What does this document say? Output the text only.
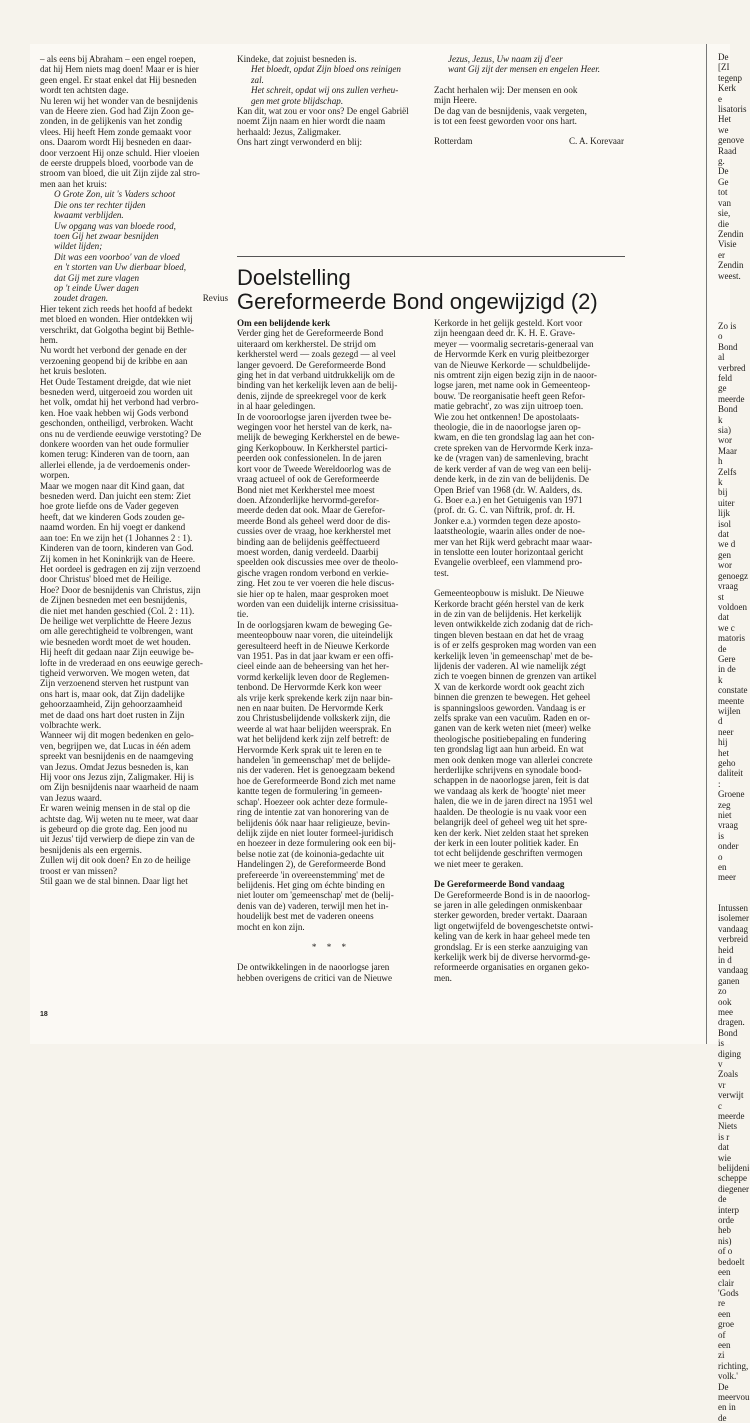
– als eens bij Abraham – een engel roepen,
dat hij Hem niets mag doen! Maar er is hier
geen engel. Er staat enkel dat Hij besneden
wordt ten achtsten dage.
Nu leren wij het wonder van de besnijdenis
van de Heere zien. God had Zijn Zoon ge-
zonden, in de gelijkenis van het zondig
vlees. Hij heeft Hem zonde gemaakt voor
ons. Daarom wordt Hij besneden en daar-
door verzoent Hij onze schuld. Hier vloeien
de eerste druppels bloed, voorbode van de
stroom van bloed, die uit Zijn zijde zal stro-
men aan het kruis:
O Grote Zon, uit 's Vaders schoot
Die ons ter rechter tijden
kwaamt verblijden.
Uw opgang was van bloede rood,
toen Gij het zwaar besnijden
wildet lijden;
Dit was een voorboo' van de vloed
en 't storten van Uw dierbaar bloed,
dat Gij met zure vlagen
op 't einde Uwer dagen
zoudet dragen.	Revius
Hier tekent zich reeds het hoofd af bedekt
met bloed en wonden. Hier ontdekken wij
verschrikt, dat Golgotha begint bij Bethle-
hem.
Nu wordt het verbond der genade en der
verzoening geopend bij de kribbe en aan
het kruis besloten.
Het Oude Testament dreigde, dat wie niet
besneden werd, uitgeroeid zou worden uit
het volk, omdat hij het verbond had verbro-
ken. Hoe vaak hebben wij Gods verbond
geschonden, ontheiligd, verbroken. Wacht
ons nu de verdiende eeuwige verstoting? De
donkere woorden van het oude formulier
komen terug: Kinderen van de toorn, aan
allerlei ellende, ja de verdoemenis onder-
worpen.
Maar we mogen naar dit Kind gaan, dat
besneden werd. Dan juicht een stem: Ziet
hoe grote liefde ons de Vader gegeven
heeft, dat we kinderen Gods zouden ge-
naamd worden. En hij voegt er dankend
aan toe: En we zijn het (1 Johannes 2 : 1).
Kinderen van de toorn, kinderen van God.
Zij komen in het Koninkrijk van de Heere.
Het oordeel is gedragen en zij zijn verzoend
door Christus' bloed met de Heilige.
Hoe? Door de besnijdenis van Christus, zijn
de Zijnen besneden met een besnijdenis,
die niet met handen geschied (Col. 2 : 11).
De heilige wet verplichtte de Heere Jezus
om alle gerechtigheid te volbrengen, want
wie besneden wordt moet de wet houden.
Hij heeft dit gedaan naar Zijn eeuwige be-
lofte in de vrederaad en ons eeuwige gerech-
tigheid verworven. We mogen weten, dat
Zijn verzoenend sterven het rustpunt van
ons hart is, maar ook, dat Zijn dadelijke
gehoorzaamheid, Zijn gehoorzaamheid
met de daad ons hart doet rusten in Zijn
volbrachte werk.
Wanneer wij dit mogen bedenken en gelo-
ven, begrijpen we, dat Lucas in één adem
spreekt van besnijdenis en de naamgeving
van Jezus. Omdat Jezus besneden is, kan
Hij voor ons Jezus zijn, Zaligmaker. Hij is
om Zijn besnijdenis naar waarheid de naam
van Jezus waard.
Er waren weinig mensen in de stal op die
achtste dag. Wij weten nu te meer, wat daar
is gebeurd op die grote dag. Een jood nu
uit Jezus' tijd verwierp de diepe zin van de
besnijdenis als een ergernis.
Zullen wij dit ook doen? En zo de heilige
troost er van missen?
Stil gaan we de stal binnen. Daar ligt het
Kindeke, dat zojuist besneden is.
Het bloedt, opdat Zijn bloed ons reinigen
zal.
Het schreit, opdat wij ons zullen verheu-
gen met grote blijdschap.
Kan dit, wat zou er voor ons? De engel Gabriël
noemt Zijn naam en hier wordt die naam
herhaald: Jezus, Zaligmaker.
Ons hart zingt verwonderd en blij:
Jezus, Jezus, Uw naam zij d'eer
want Gij zijt der mensen en engelen Heer.
Zacht herhalen wij: Der mensen en ook
mijn Heere.
De dag van de besnijdenis, vaak vergeten,
is tot een feest geworden voor ons hart.
Rotterdam	C. A. Korevaar
Doelstelling
Gereformeerde Bond ongewijzigd (2)
Om een belijdende kerk
Verder ging het de Gereformeerde Bond
uiteraard om kerkherstel. De strijd om
kerkherstel werd — zoals gezegd — al veel
langer gevoerd. De Gereformeerde Bond
ging het in dat verband uitdrukkelijk om de
binding van het kerkelijk leven aan de belij-
denis, zijnde de spreekregel voor de kerk
in al haar geledingen.
In de vooroorlogse jaren ijverden twee be-
wegingen voor het herstel van de kerk, na-
melijk de beweging Kerkherstel en de bewe-
ging Kerkopbouw. In Kerkherstel partici-
peerden ook confessionelen. In de jaren
kort voor de Tweede Wereldoorlog was de
vraag actueel of ook de Gereformeerde
Bond niet met Kerkherstel mee moest
doen. Afzonderlijke hervormd-gerefor-
meerde deden dat ook. Maar de Gerefor-
meerde Bond als geheel werd door de dis-
cussies over de vraag, hoe kerkherstel met
binding aan de belijdenis geëffectueerd
moest worden, danig verdeeld. Daarbij
speelden ook discussies mee over de theolo-
gische vragen rondom verbond en verkie-
zing. Het zou te ver voeren die hele discus-
sie hier op te halen, maar gesproken moet
worden van een duidelijk interne crisissitua-
tie.
In de oorlogsjaren kwam de beweging Ge-
meenteopbouw naar voren, die uiteindelijk
geresulteerd heeft in de Nieuwe Kerkorde
van 1951. Pas in dat jaar kwam er een offi-
cieel einde aan de beheersing van het her-
vormd kerkelijk leven door de Reglemen-
tenbond. De Hervormde Kerk kon weer
als vrije kerk sprekende kerk zijn naar bin-
nen en naar buiten. De Hervormde Kerk
zou Christusbelijdende volkskerk zijn, die
weerde al wat haar belijden weersprak. En
wat het belijdend kerk zijn zelf betreft: de
Hervormde Kerk sprak uit te leren en te
handelen 'in gemeenschap' met de belijde-
nis der vaderen. Het is genoegzaam bekend
hoe de Gereformeerde Bond zich met name
kantte tegen de formulering 'in gemeen-
schap'. Hoezeer ook achter deze formule-
ring de intentie zat van honorering van de
belijdenis óók naar haar religieuze, bevin-
delijk zijde en niet louter formeel-juridisch
en hoezeer in deze formulering ook een bij-
belse notie zat (de koinonia-gedachte uit
Handelingen 2), de Gereformeerde Bond
prefereerde 'in overeenstemming' met de
belijdenis. Het ging om échte binding en
niet louter om 'gemeenschap' met de (belij-
denis van de) vaderen, terwijl men het in-
houdelijk best met de vaderen oneens
mocht en kon zijn.
* * *
De ontwikkelingen in de naoorlogse jaren
hebben overigens de critici van de Nieuwe
Kerkorde in het gelijk gesteld. Kort voor
zijn heengaan deed dr. K. H. E. Grave-
meyer — voormalig secretaris-generaal van
de Hervormde Kerk en vurig pleitbezorger
van de Nieuwe Kerkorde — schuldbelijde-
nis omtrent zijn eigen bezig zijn in de naoor-
logse jaren, met name ook in Gemeenteop-
bouw. 'De reorganisatie heeft geen Refor-
matie gebracht', zo was zijn uitroep toen.
Wie zou het ontkennen! De apostolaats-
theologie, die in de naoorlogse jaren op-
kwam, en die ten grondslag lag aan het con-
crete spreken van de Hervormde Kerk inza-
ke de (vragen van) de samenleving, bracht
de kerk verder af van de weg van een belij-
dende kerk, in de zin van de belijdenis. De
Open Brief van 1968 (dr. W. Aalders, ds.
G. Boer e.a.) en het Getuigenis van 1971
(prof. dr. G. C. van Niftrik, prof. dr. H.
Jonker e.a.) vormden tegen deze aposto-
laatstheologie, waarin alles onder de noe-
mer van het Rijk werd gebracht maar waar-
in tenslotte een louter horizontaal gericht
Evangelie overbleef, een vlammend pro-
test.
Gemeenteopbouw is mislukt. De Nieuwe
Kerkorde bracht géén herstel van de kerk
in de zin van de belijdenis. Het kerkelijk
leven ontwikkelde zich zodanig dat de rich-
tingen bleven bestaan en dat het de vraag
is of er zelfs gesproken mag worden van een
kerkelijk leven 'in gemeenschap' met de be-
lijdenis der vaderen. Al wie namelijk zégt
zich te voegen binnen de grenzen van artikel
X van de kerkorde wordt ook geacht zich
binnen die grenzen te bewegen. Het geheel
is spanningsloos geworden. Vandaag is er
zelfs sprake van een vacuüm. Raden en or-
ganen van de kerk weten niet (meer) welke
theologische positiebepaling en fundering
ten grondslag ligt aan hun arbeid. En wat
men ook denken moge van allerlei concrete
herderlijke schrijvens en synodale bood-
schappen in de naoorlogse jaren, feit is dat
we vandaag als kerk de 'hoogte' niet meer
halen, die we in de jaren direct na 1951 wel
haalden. De theologie is nu vaak voor een
belangrijk deel of geheel weg uit het spre-
ken der kerk. Niet zelden staat het spreken
der kerk in een louter politiek kader. En
tot echt belijdende geschriften vermogen
we niet meer te geraken.
De Gereformeerde Bond vandaag
De Gereformeerde Bond is in de naoorlog-
se jaren in alle geledingen onmiskenbaar
sterker geworden, breder vertakt. Daaraan
ligt ongetwijfeld de bovengeschetste ontwi-
keling van de kerk in haar geheel mede ten
grondslag. Er is een sterke aanzuiging van
kerkelijk werk bij de diverse hervormd-ge-
reformeerde organisaties en organen geko-
men.
De [ZI
tegenp
Kerk e
lisatoris
Het we
genove
Raad g.
De Ge
tot van
sie, die
Zendin
Visie er
Zendin
weest.
Zo is o
Bond al
verbred
feld ge
meerde
Bond k
sia) wor
Maar h
Zelfs k
bij uiter
lijk isol
dat we d
gen wor
genoegz
vraag st
voldoen
dat we c
matoris
de Gere
in de k
constate
meente
wijlen d
neer hij
het geho
daliteit :
Groene
zeg niet
vraag is
onder o
en meer
Intussen
isolemer
vandaag
verbreid
heid in d
vandaag
ganen zo
ook mee
dragen.
Bond is
diging v
Zoals vr
verwijt c
meerde
Niets is r
dat wie
belijdeni
scheppe
diegener
de interp
orde heb
nis) of o
bedoelt
een clair
'Gods re
een groe
of een zi
richting,
volk.' De
meervou
en in de
18
